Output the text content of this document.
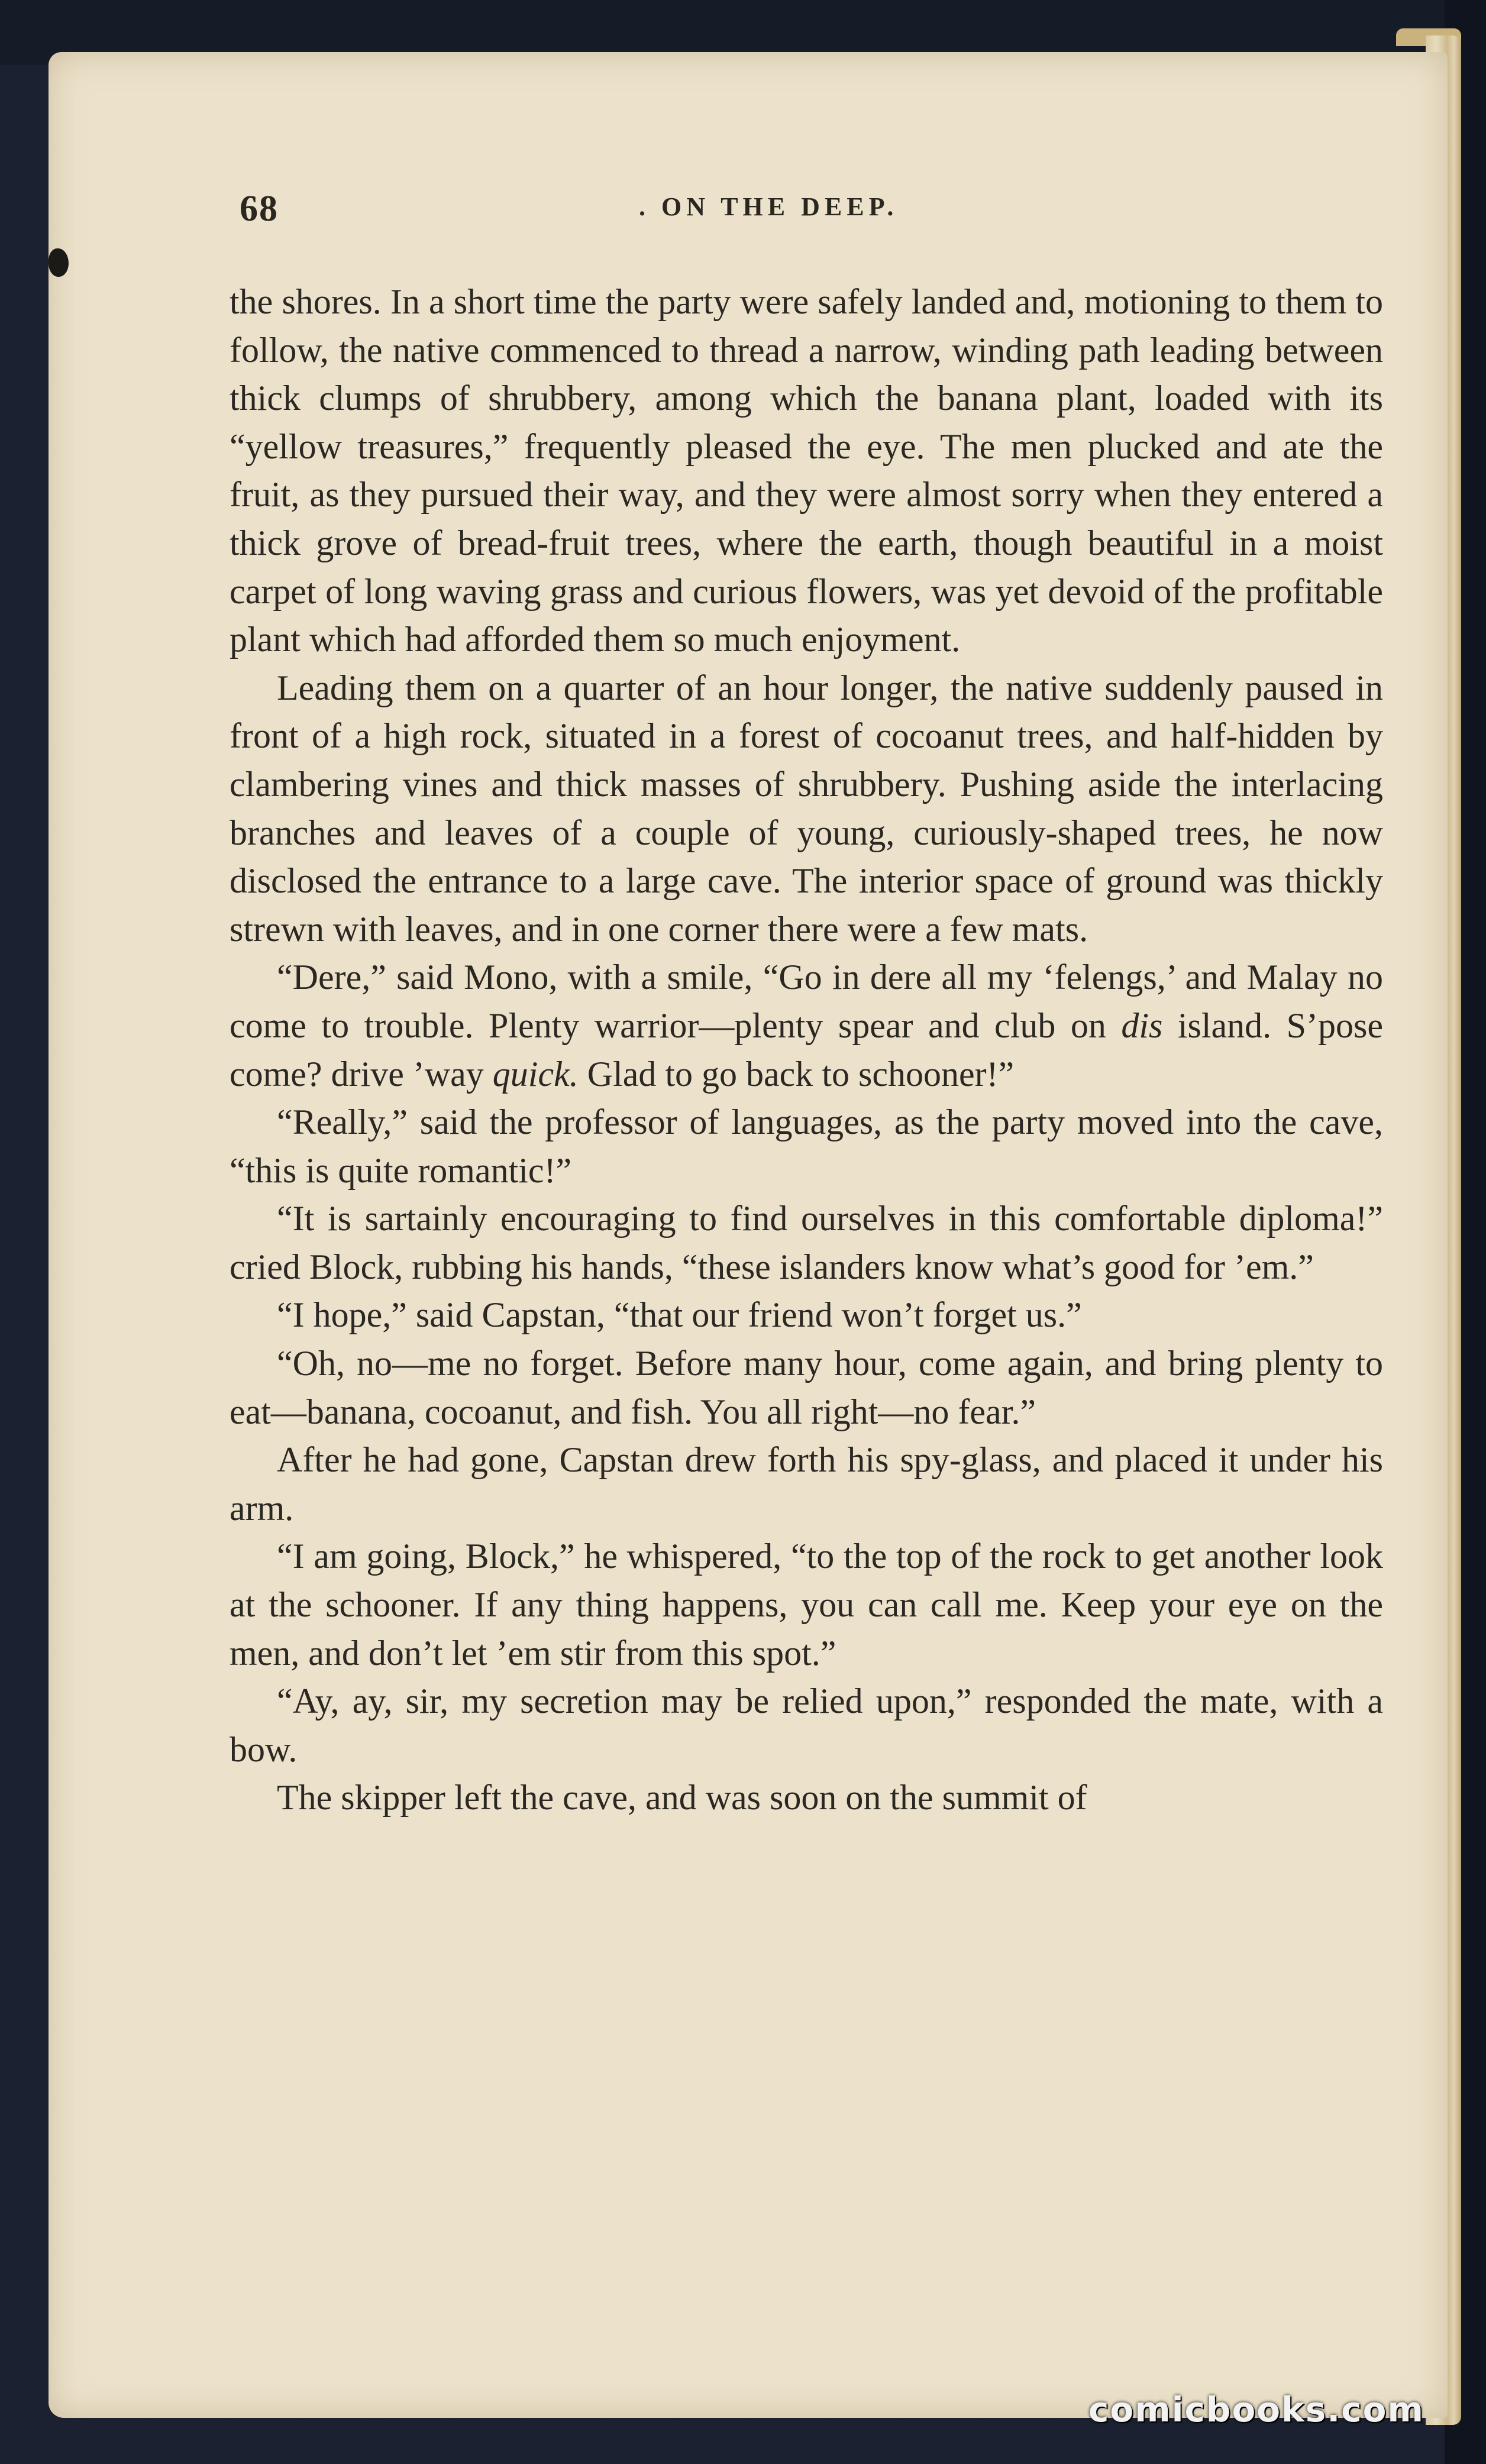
68	. ON THE DEEP.

the shores. In a short time the party were safely landed and, motioning to them to follow, the native commenced to thread a narrow, winding path leading between thick clumps of shrubbery, among which the banana plant, loaded with its “yellow treasures,” frequently pleased the eye. The men plucked and ate the fruit, as they pursued their way, and they were almost sorry when they entered a thick grove of bread-fruit trees, where the earth, though beautiful in a moist carpet of long waving grass and curious flowers, was yet devoid of the profitable plant which had afforded them so much enjoyment.

Leading them on a quarter of an hour longer, the native suddenly paused in front of a high rock, situated in a forest of cocoanut trees, and half-hidden by clambering vines and thick masses of shrubbery. Pushing aside the interlacing branches and leaves of a couple of young, curiously-shaped trees, he now disclosed the entrance to a large cave. The interior space of ground was thickly strewn with leaves, and in one corner there were a few mats.

“Dere,” said Mono, with a smile, “Go in dere all my ‘felengs,’ and Malay no come to trouble. Plenty warrior—plenty spear and club on dis island. S’pose come? drive ’way quick. Glad to go back to schooner!”

“Really,” said the professor of languages, as the party moved into the cave, “this is quite romantic!”

“It is sartainly encouraging to find ourselves in this comfortable diploma!” cried Block, rubbing his hands, “these islanders know what’s good for ’em.”

“I hope,” said Capstan, “that our friend won’t forget us.”

“Oh, no—me no forget. Before many hour, come again, and bring plenty to eat—banana, cocoanut, and fish. You all right—no fear.”

After he had gone, Capstan drew forth his spy-glass, and placed it under his arm.

“I am going, Block,” he whispered, “to the top of the rock to get another look at the schooner. If any thing happens, you can call me. Keep your eye on the men, and don’t let ’em stir from this spot.”

“Ay, ay, sir, my secretion may be relied upon,” responded the mate, with a bow.

The skipper left the cave, and was soon on the summit of

comicbooks.com
